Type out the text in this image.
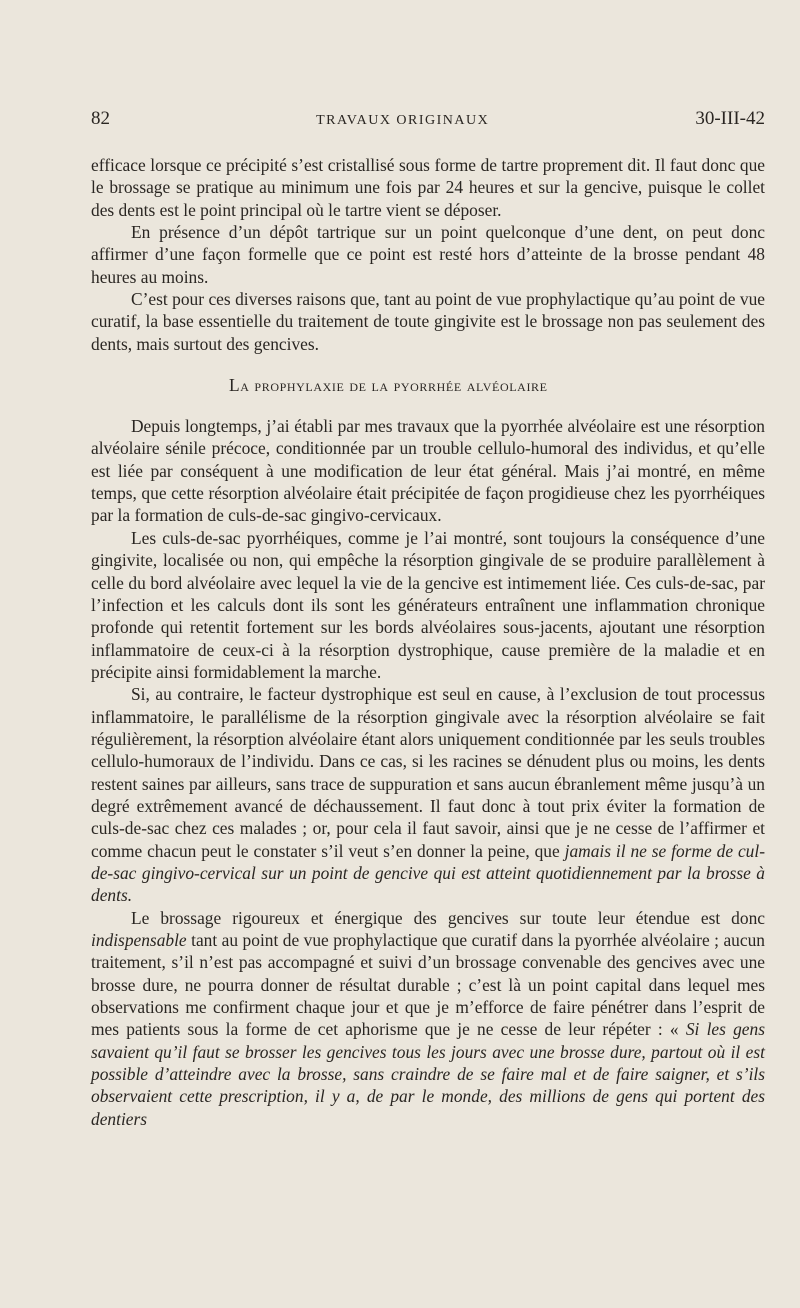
82	TRAVAUX ORIGINAUX	30-III-42

efficace lorsque ce précipité s’est cristallisé sous forme de tartre proprement dit. Il faut donc que le brossage se pratique au minimum une fois par 24 heures et sur la gencive, puisque le collet des dents est le point principal où le tartre vient se déposer.

En présence d’un dépôt tartrique sur un point quelconque d’une dent, on peut donc affirmer d’une façon formelle que ce point est resté hors d’atteinte de la brosse pendant 48 heures au moins.

C’est pour ces diverses raisons que, tant au point de vue prophylactique qu’au point de vue curatif, la base essentielle du traitement de toute gingivite est le brossage non pas seulement des dents, mais surtout des gencives.

La prophylaxie de la pyorrhée alvéolaire

Depuis longtemps, j’ai établi par mes travaux que la pyorrhée alvéolaire est une résorption alvéolaire sénile précoce, conditionnée par un trouble cellulo-humoral des individus, et qu’elle est liée par conséquent à une modification de leur état général. Mais j’ai montré, en même temps, que cette résorption alvéolaire était précipitée de façon progidieuse chez les pyorrhéiques par la formation de culs-de-sac gingivo-cervicaux.

Les culs-de-sac pyorrhéiques, comme je l’ai montré, sont toujours la conséquence d’une gingivite, localisée ou non, qui empêche la résorption gingivale de se produire parallèlement à celle du bord alvéolaire avec lequel la vie de la gencive est intimement liée. Ces culs-de-sac, par l’infection et les calculs dont ils sont les générateurs entraînent une inflammation chronique profonde qui retentit fortement sur les bords alvéolaires sous-jacents, ajoutant une résorption inflammatoire de ceux-ci à la résorption dystrophique, cause première de la maladie et en précipite ainsi formidablement la marche.

Si, au contraire, le facteur dystrophique est seul en cause, à l’exclusion de tout processus inflammatoire, le parallélisme de la résorption gingivale avec la résorption alvéolaire se fait régulièrement, la résorption alvéolaire étant alors uniquement conditionnée par les seuls troubles cellulo-humoraux de l’individu. Dans ce cas, si les racines se dénudent plus ou moins, les dents restent saines par ailleurs, sans trace de suppuration et sans aucun ébranlement même jusqu’à un degré extrêmement avancé de déchaussement. Il faut donc à tout prix éviter la formation de culs-de-sac chez ces malades ; or, pour cela il faut savoir, ainsi que je ne cesse de l’affirmer et comme chacun peut le constater s’il veut s’en donner la peine, que jamais il ne se forme de cul-de-sac gingivo-cervical sur un point de gencive qui est atteint quotidiennement par la brosse à dents.

Le brossage rigoureux et énergique des gencives sur toute leur étendue est donc indispensable tant au point de vue prophylactique que curatif dans la pyorrhée alvéolaire ; aucun traitement, s’il n’est pas accompagné et suivi d’un brossage convenable des gencives avec une brosse dure, ne pourra donner de résultat durable ; c’est là un point capital dans lequel mes observations me confirment chaque jour et que je m’efforce de faire pénétrer dans l’esprit de mes patients sous la forme de cet aphorisme que je ne cesse de leur répéter : « Si les gens savaient qu’il faut se brosser les gencives tous les jours avec une brosse dure, partout où il est possible d’atteindre avec la brosse, sans craindre de se faire mal et de faire saigner, et s’ils observaient cette prescription, il y a, de par le monde, des millions de gens qui portent des dentiers
